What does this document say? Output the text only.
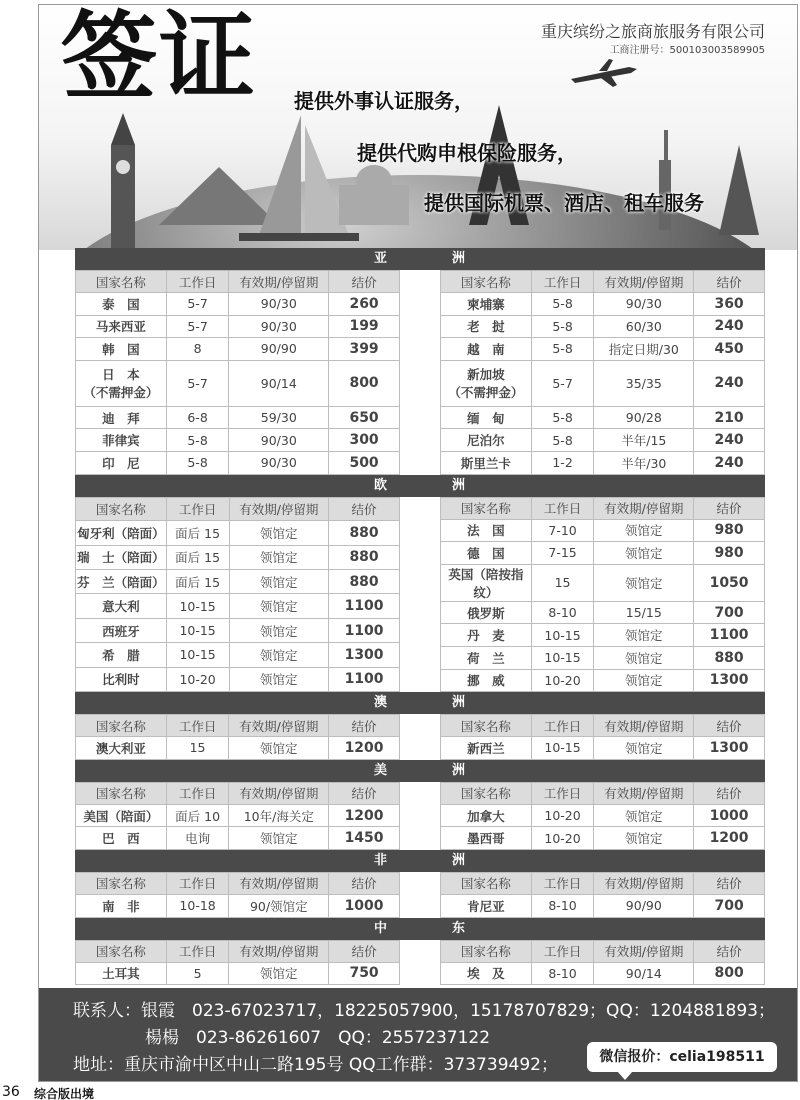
签证	重庆缤纷之旅商旅服务有限公司
工商注册号：500103003589905
提供外事认证服务，
提供代购申根保险服务，
提供国际机票、酒店、租车服务
亚	洲
国家名称	工作日	有效期/停留期	结价
泰　国	5-7	90/30	260
马来西亚	5-7	90/30	199
韩　国	8	90/90	399
日　本
（不需押金）	5-7	90/14	800
迪　拜	6-8	59/30	650
菲律宾	5-8	90/30	300
印　尼	5-8	90/30	500
国家名称	工作日	有效期/停留期	结价
柬埔寨	5-8	90/30	360
老　挝	5-8	60/30	240
越　南	5-8	指定日期/30	450
新加坡
（不需押金）	5-7	35/35	240
缅　甸	5-8	90/28	210
尼泊尔	5-8	半年/15	240
斯里兰卡	1-2	半年/30	240
欧	洲
国家名称	工作日	有效期/停留期	结价
匈牙利（陪面）	面后 15	领馆定	880
瑞　士（陪面）	面后 15	领馆定	880
芬　兰（陪面）	面后 15	领馆定	880
意大利	10-15	领馆定	1100
西班牙	10-15	领馆定	1100
希　腊	10-15	领馆定	1300
比利时	10-20	领馆定	1100
国家名称	工作日	有效期/停留期	结价
法　国	7-10	领馆定	980
德　国	7-15	领馆定	980
英国（陪按指纹）	15	领馆定	1050
俄罗斯	8-10	15/15	700
丹　麦	10-15	领馆定	1100
荷　兰	10-15	领馆定	880
挪　威	10-20	领馆定	1300
澳	洲
国家名称	工作日	有效期/停留期	结价
澳大利亚	15	领馆定	1200
国家名称	工作日	有效期/停留期	结价
新西兰	10-15	领馆定	1300
美	洲
国家名称	工作日	有效期/停留期	结价
美国（陪面）	面后 10	10年/海关定	1200
巴　西	电询	领馆定	1450
国家名称	工作日	有效期/停留期	结价
加拿大	10-20	领馆定	1000
墨西哥	10-20	领馆定	1200
非	洲
国家名称	工作日	有效期/停留期	结价
南　非	10-18	90/领馆定	1000
国家名称	工作日	有效期/停留期	结价
肯尼亚	8-10	90/90	700
中	东
国家名称	工作日	有效期/停留期	结价
土耳其	5	领馆定	750
国家名称	工作日	有效期/停留期	结价
埃　及	8-10	90/14	800
联系人：银霞　023-67023717，18225057900，15178707829；QQ：1204881893；
楊楊　023-86261607　QQ：2557237122
地址：重庆市渝中区中山二路195号 QQ工作群：373739492；	微信报价：celia198511
36 综合版出境
